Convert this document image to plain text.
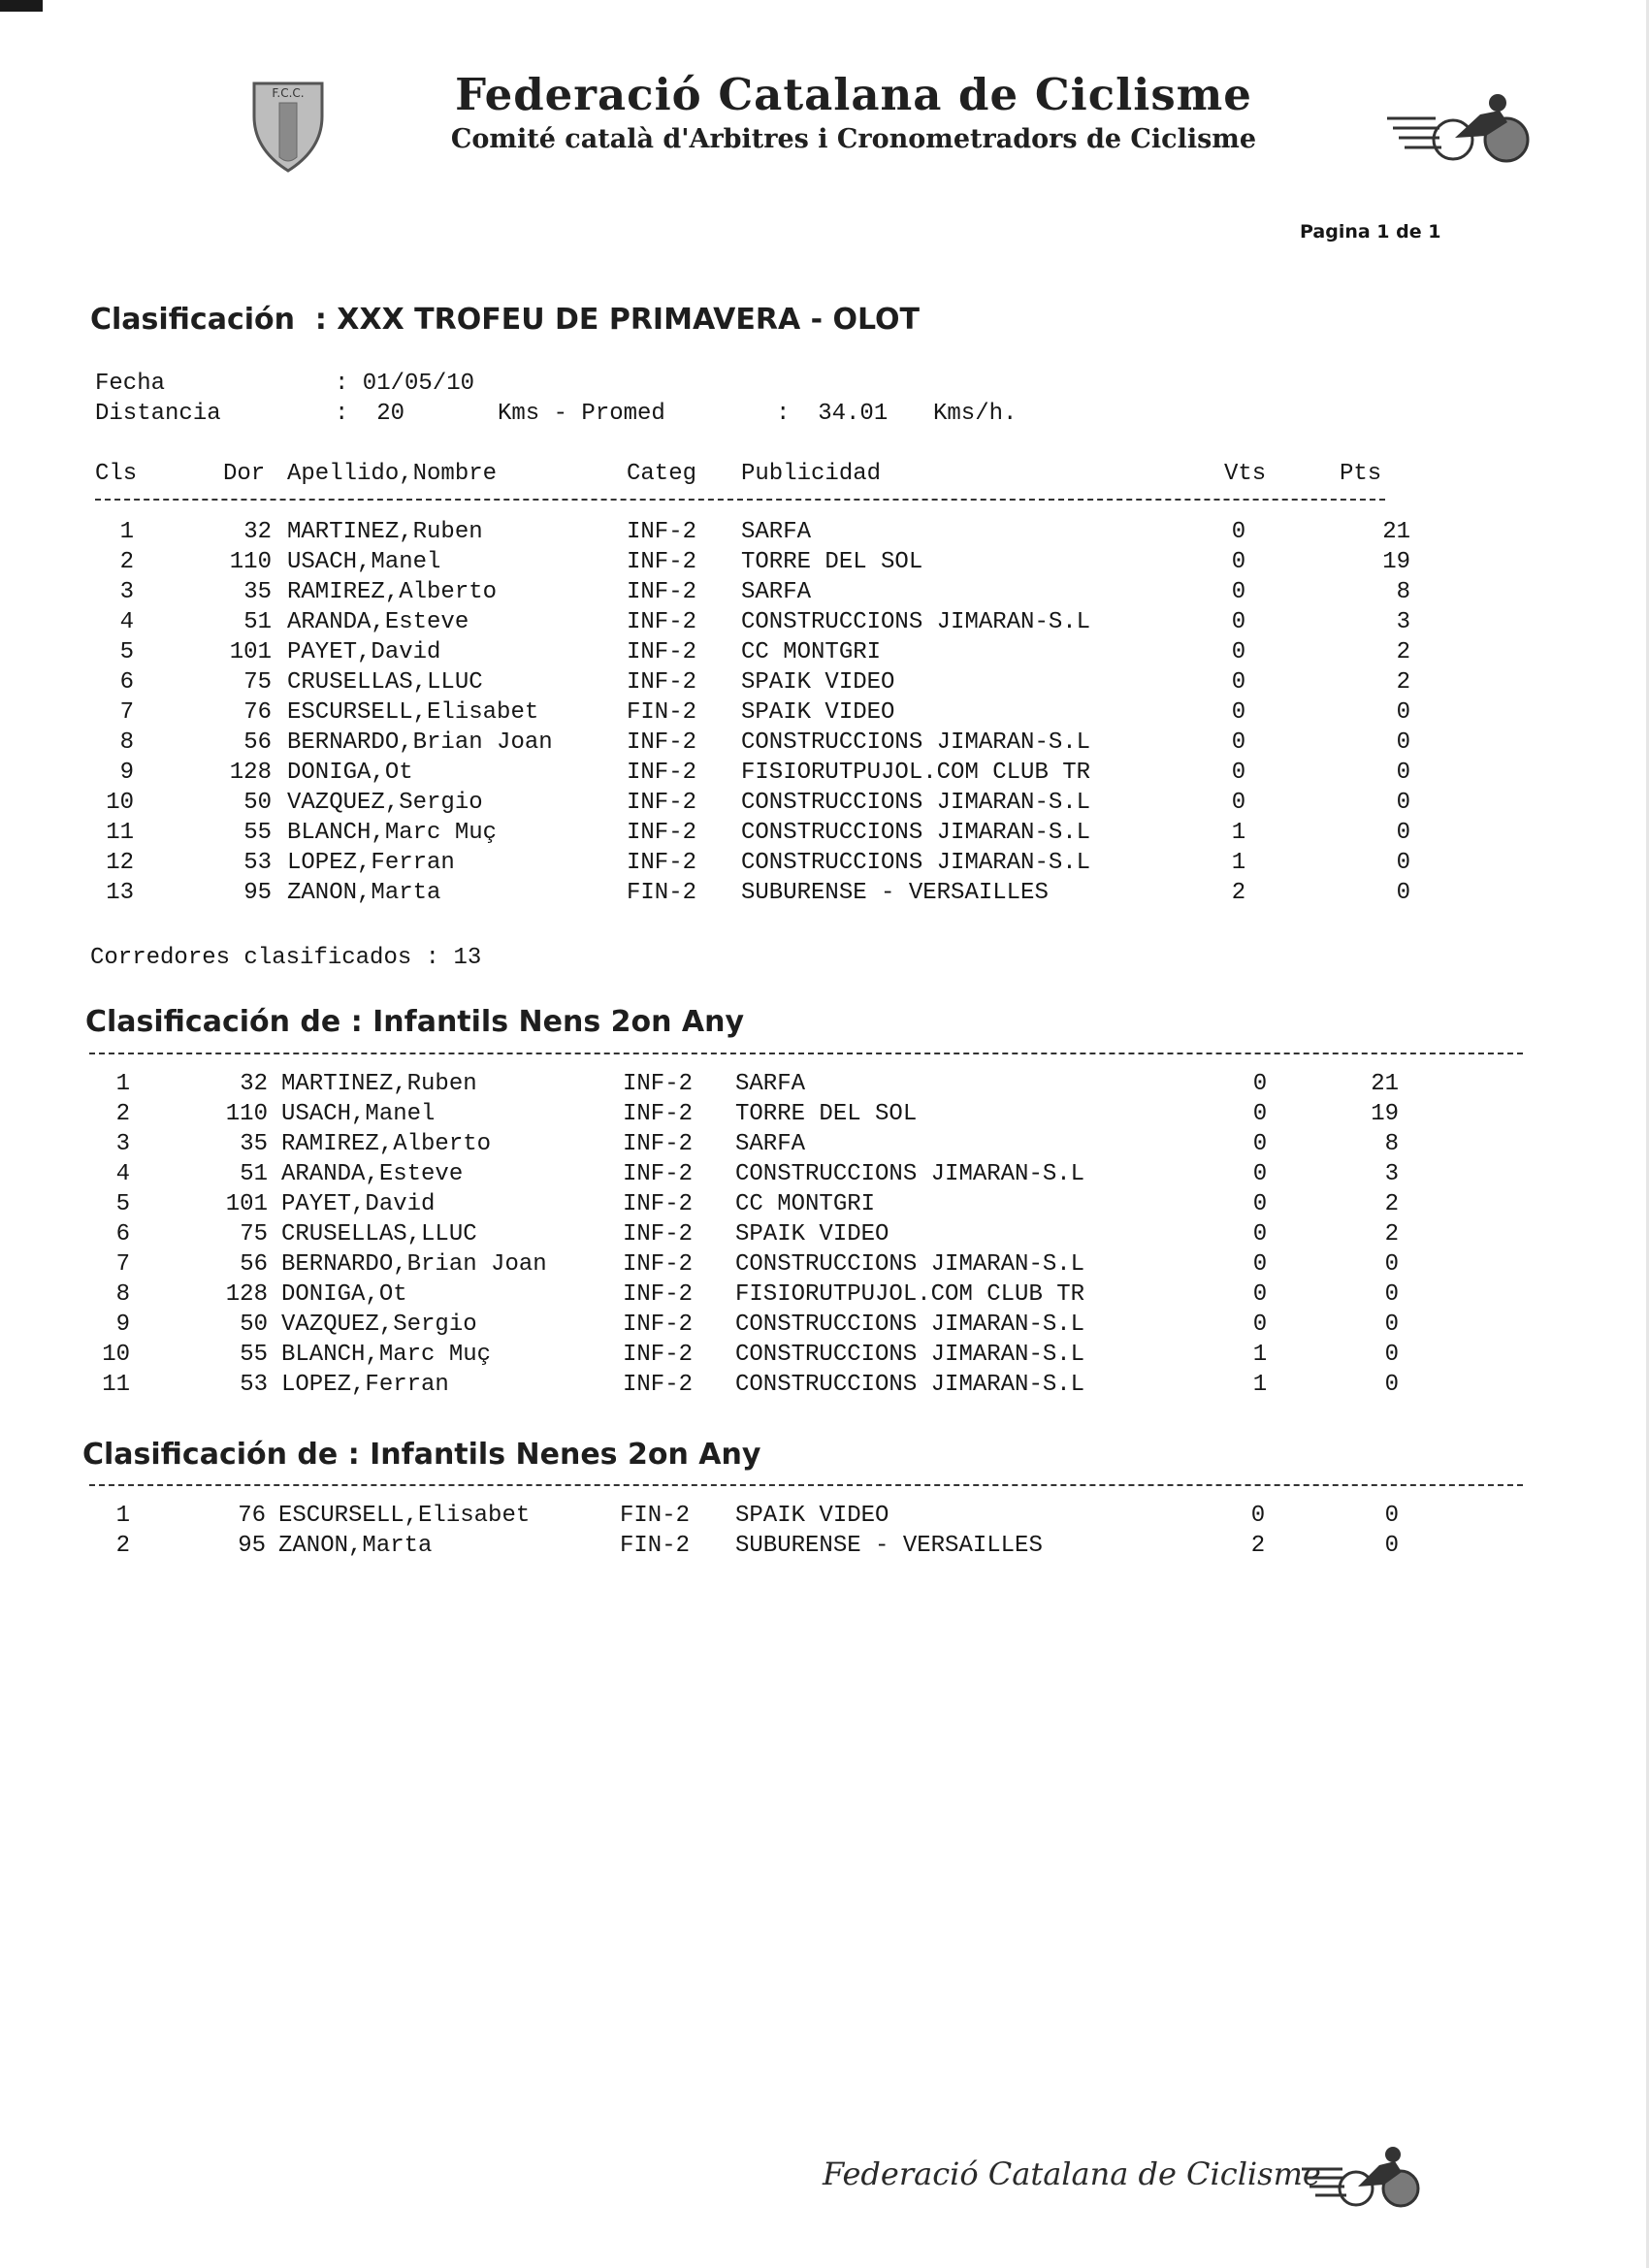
F.C.C.	Federació Catalana de Ciclisme
Comité català d'Arbitres i Cronometradors de Ciclisme
Pagina 1 de 1
Clasificación  : XXX TROFEU DE PRIMAVERA - OLOT
Fecha	: 01/05/10
Distancia	:  20	Kms - Promed	:  34.01 Kms/h.
Cls	Dor Apellido,Nombre	Categ Publicidad	Vts	Pts
1	32 MARTINEZ,Ruben	INF-2 SARFA	0	21
2	110 USACH,Manel	INF-2 TORRE DEL SOL	0	19
3	35 RAMIREZ,Alberto	INF-2 SARFA	0	8
4	51 ARANDA,Esteve	INF-2 CONSTRUCCIONS JIMARAN-S.L	0	3
5	101 PAYET,David	INF-2 CC MONTGRI	0	2
6	75 CRUSELLAS,LLUC	INF-2 SPAIK VIDEO	0	2
7	76 ESCURSELL,Elisabet	FIN-2 SPAIK VIDEO	0	0
8	56 BERNARDO,Brian Joan	INF-2 CONSTRUCCIONS JIMARAN-S.L	0	0
9	128 DONIGA,Ot	INF-2 FISIORUTPUJOL.COM CLUB TR	0	0
10	50 VAZQUEZ,Sergio	INF-2 CONSTRUCCIONS JIMARAN-S.L	0	0
11	55 BLANCH,Marc Muç	INF-2 CONSTRUCCIONS JIMARAN-S.L	1	0
12	53 LOPEZ,Ferran	INF-2 CONSTRUCCIONS JIMARAN-S.L	1	0
13	95 ZANON,Marta	FIN-2 SUBURENSE - VERSAILLES	2	0
Corredores clasificados : 13
Clasificación de : Infantils Nens 2on Any
1	32 MARTINEZ,Ruben	INF-2 SARFA	0	21
2	110 USACH,Manel	INF-2 TORRE DEL SOL	0	19
3	35 RAMIREZ,Alberto	INF-2 SARFA	0	8
4	51 ARANDA,Esteve	INF-2 CONSTRUCCIONS JIMARAN-S.L	0	3
5	101 PAYET,David	INF-2 CC MONTGRI	0	2
6	75 CRUSELLAS,LLUC	INF-2 SPAIK VIDEO	0	2
7	56 BERNARDO,Brian Joan	INF-2 CONSTRUCCIONS JIMARAN-S.L	0	0
8	128 DONIGA,Ot	INF-2 FISIORUTPUJOL.COM CLUB TR	0	0
9	50 VAZQUEZ,Sergio	INF-2 CONSTRUCCIONS JIMARAN-S.L	0	0
10	55 BLANCH,Marc Muç	INF-2 CONSTRUCCIONS JIMARAN-S.L	1	0
11	53 LOPEZ,Ferran	INF-2 CONSTRUCCIONS JIMARAN-S.L	1	0
Clasificación de : Infantils Nenes 2on Any
1	76 ESCURSELL,Elisabet	FIN-2 SPAIK VIDEO	0	0
2	95 ZANON,Marta	FIN-2 SUBURENSE - VERSAILLES	2	0
Federació Catalana de Ciclisme
